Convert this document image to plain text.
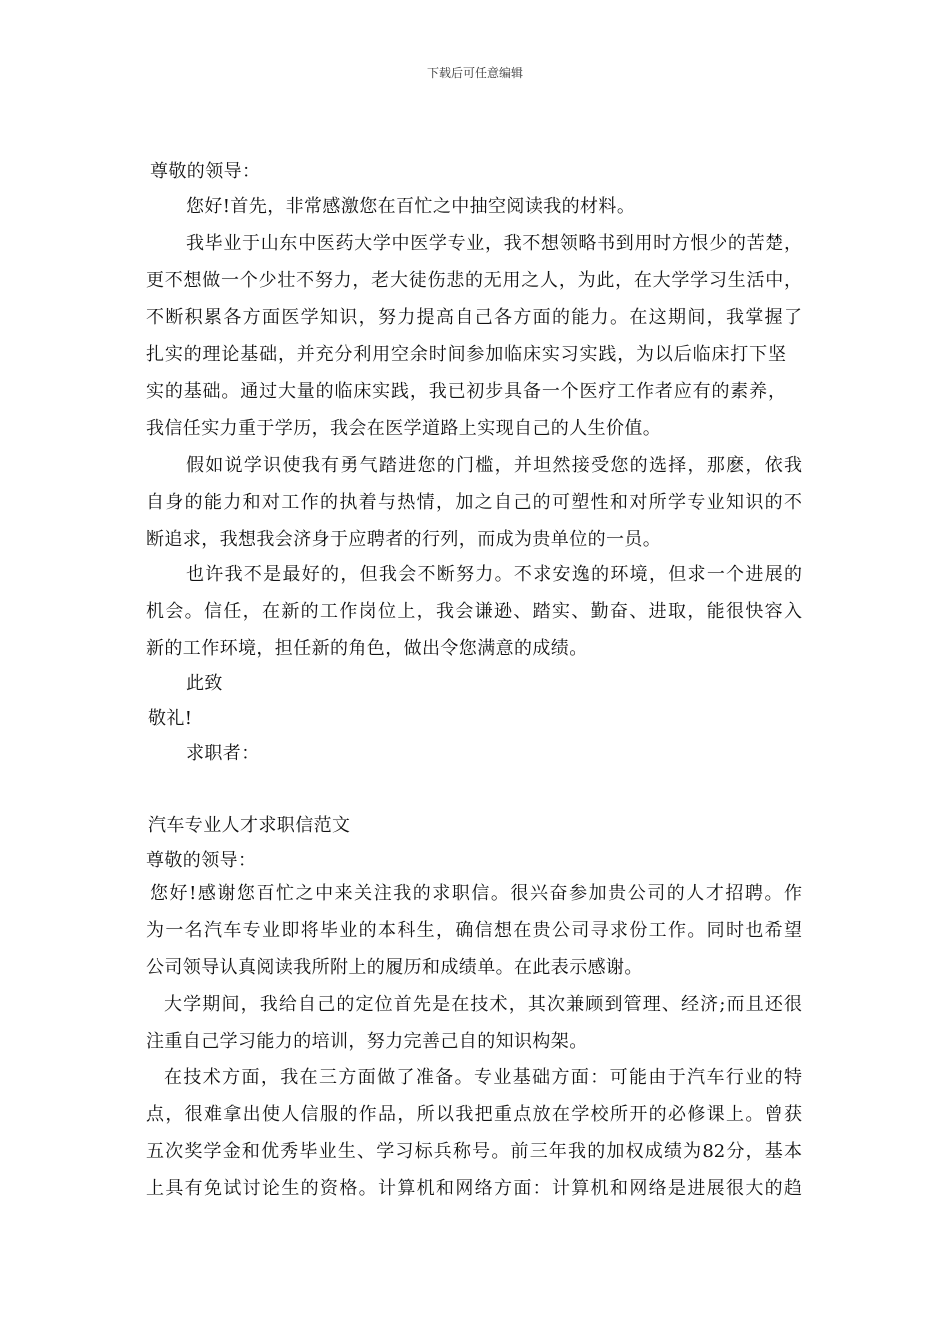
下载后可任意编辑
尊敬的领导：
您好!首先，非常感激您在百忙之中抽空阅读我的材料。
我毕业于山东中医药大学中医学专业，我不想领略书到用时方恨少的苦楚，
更不想做一个少壮不努力，老大徒伤悲的无用之人，为此，在大学学习生活中，
不断积累各方面医学知识，努力提高自己各方面的能力。在这期间，我掌握了
扎实的理论基础，并充分利用空余时间参加临床实习实践，为以后临床打下坚
实的基础。通过大量的临床实践，我已初步具备一个医疗工作者应有的素养，
我信任实力重于学历，我会在医学道路上实现自己的人生价值。
假如说学识使我有勇气踏进您的门槛，并坦然接受您的选择，那麽，依我
自身的能力和对工作的执着与热情，加之自己的可塑性和对所学专业知识的不
断追求，我想我会济身于应聘者的行列，而成为贵单位的一员。
也许我不是最好的，但我会不断努力。不求安逸的环境，但求一个进展的
机会。信任，在新的工作岗位上，我会谦逊、踏实、勤奋、进取，能很快容入
新的工作环境，担任新的角色，做出令您满意的成绩。
此致
敬礼!
求职者：
汽车专业人才求职信范文
尊敬的领导：
您好!感谢您百忙之中来关注我的求职信。很兴奋参加贵公司的人才招聘。作
为一名汽车专业即将毕业的本科生，确信想在贵公司寻求份工作。同时也希望
公司领导认真阅读我所附上的履历和成绩单。在此表示感谢。
大学期间，我给自己的定位首先是在技术，其次兼顾到管理、经济;而且还很
注重自己学习能力的培训，努力完善己自的知识构架。
在技术方面，我在三方面做了准备。专业基础方面：可能由于汽车行业的特
点，很难拿出使人信服的作品，所以我把重点放在学校所开的必修课上。曾获
五次奖学金和优秀毕业生、学习标兵称号。前三年我的加权成绩为82分，基本
上具有免试讨论生的资格。计算机和网络方面：计算机和网络是进展很大的趋
